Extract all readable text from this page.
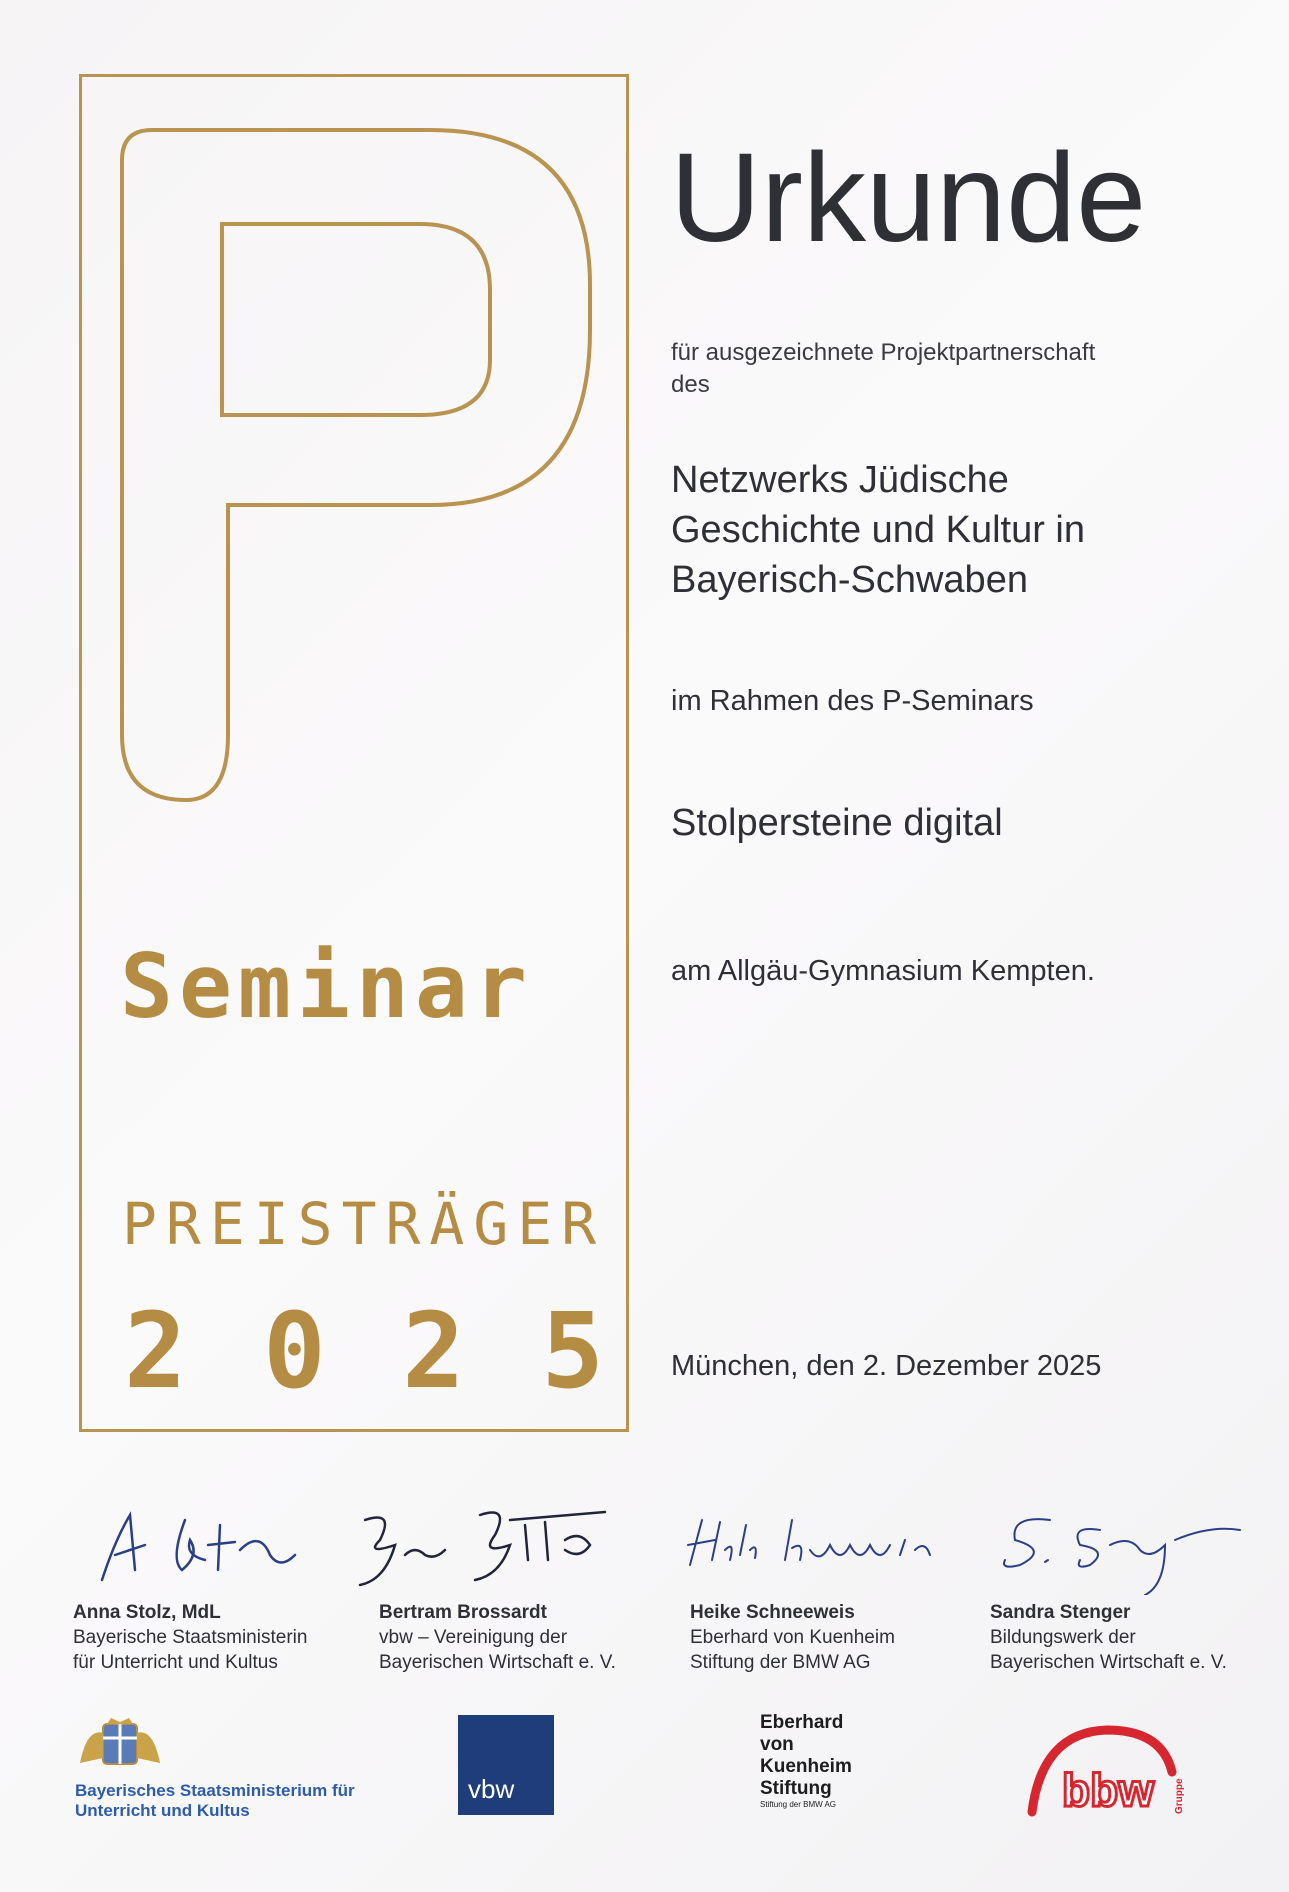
Seminar
PREISTRÄGER
2 0 2 5
Urkunde
für ausgezeichnete Projektpartnerschaft
des
Netzwerks Jüdische
Geschichte und Kultur in
Bayerisch-Schwaben
im Rahmen des P-Seminars
Stolpersteine digital
am Allgäu-Gymnasium Kempten.
München, den 2. Dezember 2025
Anna Stolz, MdL
Bayerische Staatsministerin
für Unterricht und Kultus
Bertram Brossardt
vbw – Vereinigung der
Bayerischen Wirtschaft e. V.
Heike Schneeweis
Eberhard von Kuenheim
Stiftung der BMW AG
Sandra Stenger
Bildungswerk der
Bayerischen Wirtschaft e. V.
Bayerisches Staatsministerium für
Unterricht und Kultus
vbw
Eberhard
von
Kuenheim
Stiftung
Stiftung der BMW AG	bbw Gruppe
